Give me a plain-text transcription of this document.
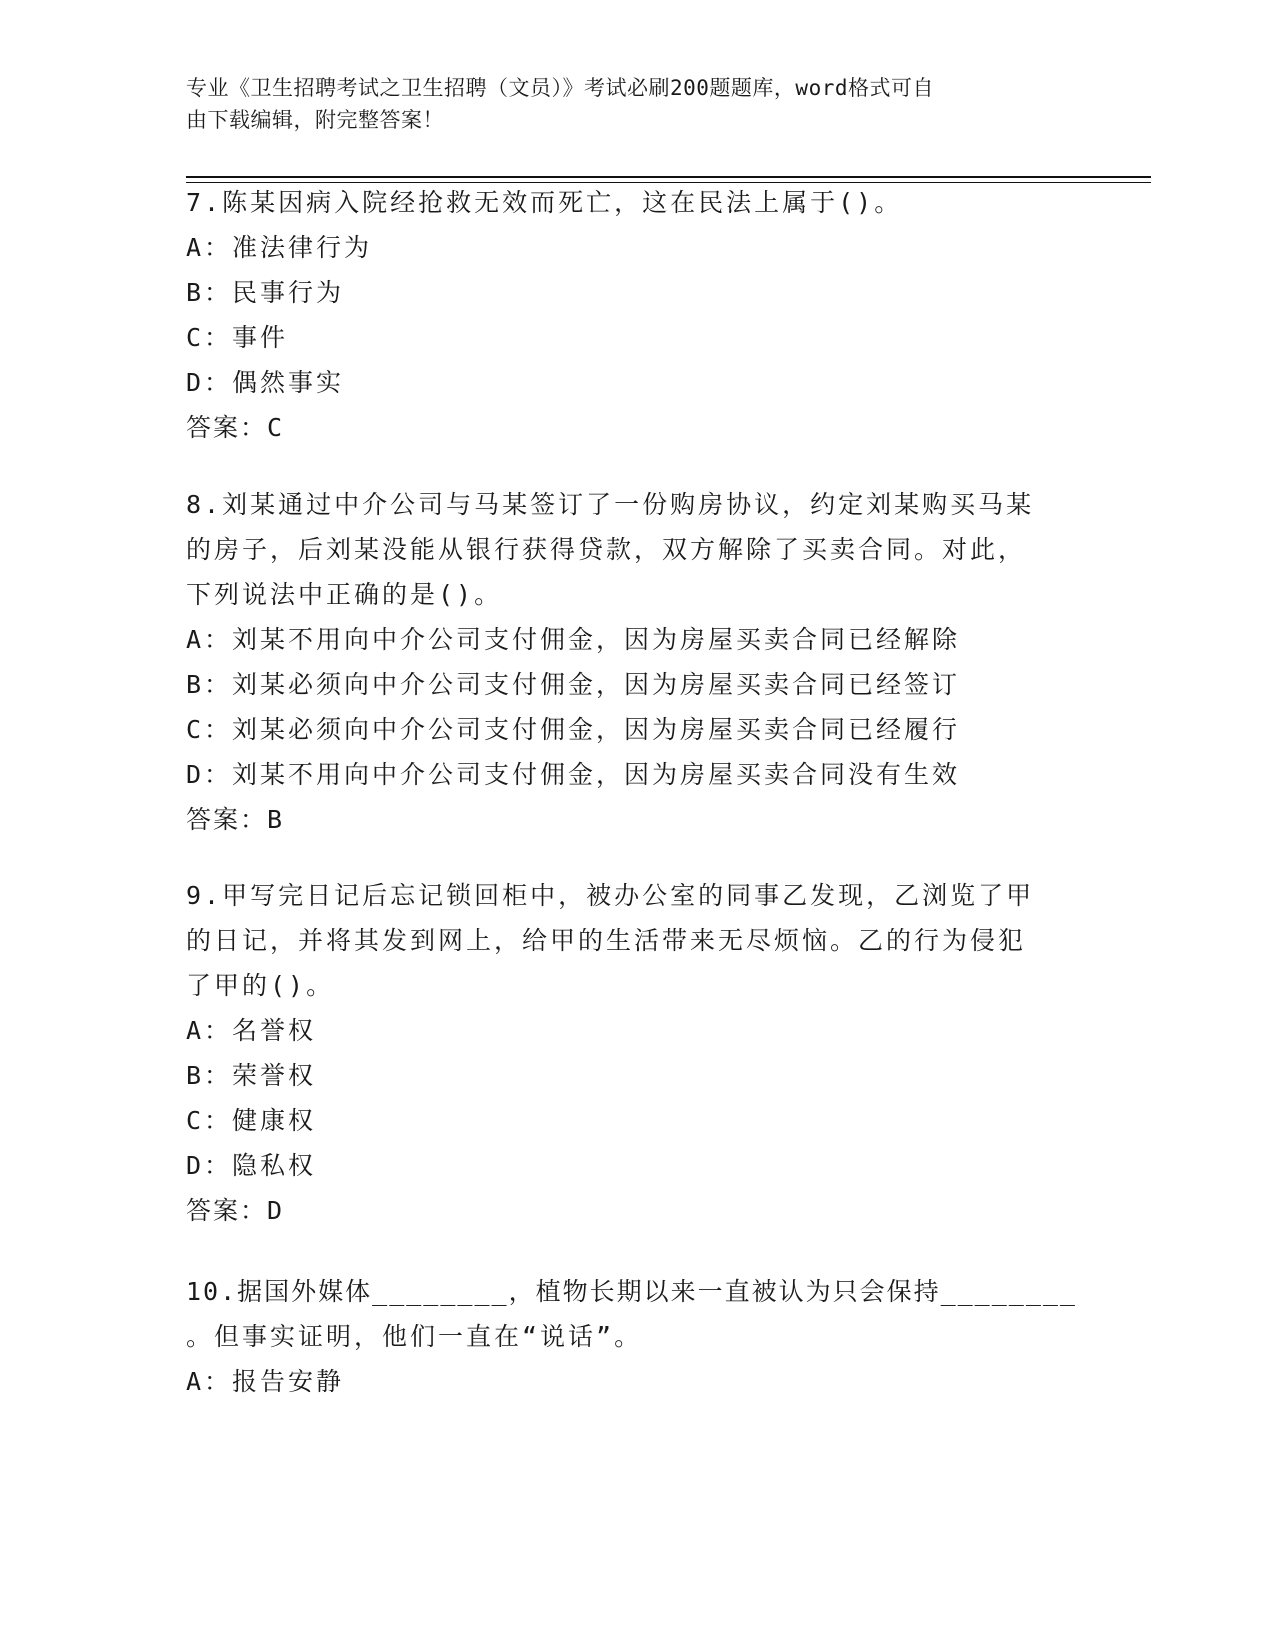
专业《卫生招聘考试之卫生招聘（文员）》考试必刷200题题库，word格式可自
由下载编辑，附完整答案！

7.陈某因病入院经抢救无效而死亡，这在民法上属于()。

A：准法律行为

B：民事行为

C：事件

D：偶然事实

答案：C

8.刘某通过中介公司与马某签订了一份购房协议，约定刘某购买马某

的房子，后刘某没能从银行获得贷款，双方解除了买卖合同。对此，

下列说法中正确的是()。

A：刘某不用向中介公司支付佣金，因为房屋买卖合同已经解除

B：刘某必须向中介公司支付佣金，因为房屋买卖合同已经签订

C：刘某必须向中介公司支付佣金，因为房屋买卖合同已经履行

D：刘某不用向中介公司支付佣金，因为房屋买卖合同没有生效

答案：B

9.甲写完日记后忘记锁回柜中，被办公室的同事乙发现，乙浏览了甲

的日记，并将其发到网上，给甲的生活带来无尽烦恼。乙的行为侵犯

了甲的()。

A：名誉权

B：荣誉权

C：健康权

D：隐私权

答案：D

10.据国外媒体________，植物长期以来一直被认为只会保持________

。但事实证明，他们一直在“说话”。

A：报告安静
